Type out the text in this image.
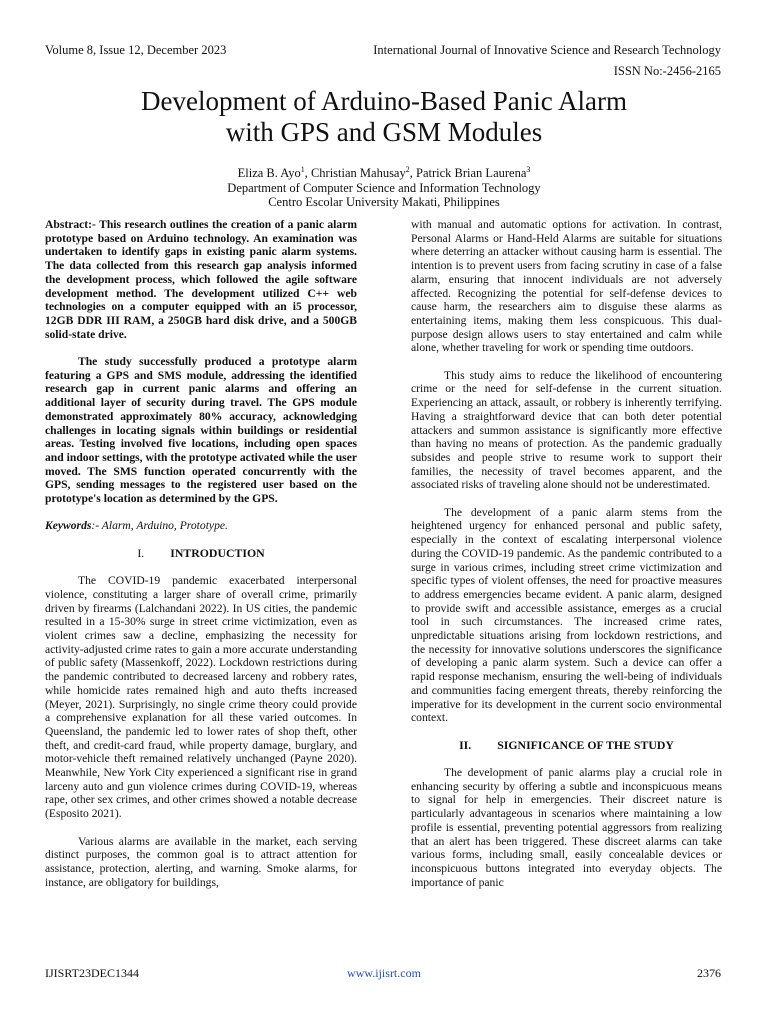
Volume 8, Issue 12, December 2023	International Journal of Innovative Science and Research Technology
ISSN No:-2456-2165
Development of Arduino-Based Panic Alarm
with GPS and GSM Modules
Eliza B. Ayo$^1$, Christian Mahusay$^2$, Patrick Brian Laurena$^3$
Department of Computer Science and Information Technology
Centro Escolar University Makati, Philippines

Abstract:- This research outlines the creation of a panic alarm prototype based on Arduino technology. An examination was undertaken to identify gaps in existing panic alarm systems. The data collected from this research gap analysis informed the development process, which followed the agile software development method. The development utilized C++ web technologies on a computer equipped with an i5 processor, 12GB DDR III RAM, a 250GB hard disk drive, and a 500GB solid-state drive.

The study successfully produced a prototype alarm featuring a GPS and SMS module, addressing the identified research gap in current panic alarms and offering an additional layer of security during travel. The GPS module demonstrated approximately 80% accuracy, acknowledging challenges in locating signals within buildings or residential areas. Testing involved five locations, including open spaces and indoor settings, with the prototype activated while the user moved. The SMS function operated concurrently with the GPS, sending messages to the registered user based on the prototype's location as determined by the GPS.

Keywords:- Alarm, Arduino, Prototype.

I. INTRODUCTION

The COVID-19 pandemic exacerbated interpersonal violence, constituting a larger share of overall crime, primarily driven by firearms (Lalchandani 2022). In US cities, the pandemic resulted in a 15-30% surge in street crime victimization, even as violent crimes saw a decline, emphasizing the necessity for activity-adjusted crime rates to gain a more accurate understanding of public safety (Massenkoff, 2022). Lockdown restrictions during the pandemic contributed to decreased larceny and robbery rates, while homicide rates remained high and auto thefts increased (Meyer, 2021). Surprisingly, no single crime theory could provide a comprehensive explanation for all these varied outcomes. In Queensland, the pandemic led to lower rates of shop theft, other theft, and credit-card fraud, while property damage, burglary, and motor-vehicle theft remained relatively unchanged (Payne 2020). Meanwhile, New York City experienced a significant rise in grand larceny auto and gun violence crimes during COVID-19, whereas rape, other sex crimes, and other crimes showed a notable decrease (Esposito 2021).

Various alarms are available in the market, each serving distinct purposes, the common goal is to attract attention for assistance, protection, alerting, and warning. Smoke alarms, for instance, are obligatory for buildings,

with manual and automatic options for activation. In contrast, Personal Alarms or Hand-Held Alarms are suitable for situations where deterring an attacker without causing harm is essential. The intention is to prevent users from facing scrutiny in case of a false alarm, ensuring that innocent individuals are not adversely affected. Recognizing the potential for self-defense devices to cause harm, the researchers aim to disguise these alarms as entertaining items, making them less conspicuous. This dual-purpose design allows users to stay entertained and calm while alone, whether traveling for work or spending time outdoors.

This study aims to reduce the likelihood of encountering crime or the need for self-defense in the current situation. Experiencing an attack, assault, or robbery is inherently terrifying. Having a straightforward device that can both deter potential attackers and summon assistance is significantly more effective than having no means of protection. As the pandemic gradually subsides and people strive to resume work to support their families, the necessity of travel becomes apparent, and the associated risks of traveling alone should not be underestimated.

The development of a panic alarm stems from the heightened urgency for enhanced personal and public safety, especially in the context of escalating interpersonal violence during the COVID-19 pandemic. As the pandemic contributed to a surge in various crimes, including street crime victimization and specific types of violent offenses, the need for proactive measures to address emergencies became evident. A panic alarm, designed to provide swift and accessible assistance, emerges as a crucial tool in such circumstances. The increased crime rates, unpredictable situations arising from lockdown restrictions, and the necessity for innovative solutions underscores the significance of developing a panic alarm system. Such a device can offer a rapid response mechanism, ensuring the well-being of individuals and communities facing emergent threats, thereby reinforcing the imperative for its development in the current socio environmental context.

II. SIGNIFICANCE OF THE STUDY

The development of panic alarms play a crucial role in enhancing security by offering a subtle and inconspicuous means to signal for help in emergencies. Their discreet nature is particularly advantageous in scenarios where maintaining a low profile is essential, preventing potential aggressors from realizing that an alert has been triggered. These discreet alarms can take various forms, including small, easily concealable devices or inconspicuous buttons integrated into everyday objects. The importance of panic

IJISRT23DEC1344	www.ijisrt.com	2376
